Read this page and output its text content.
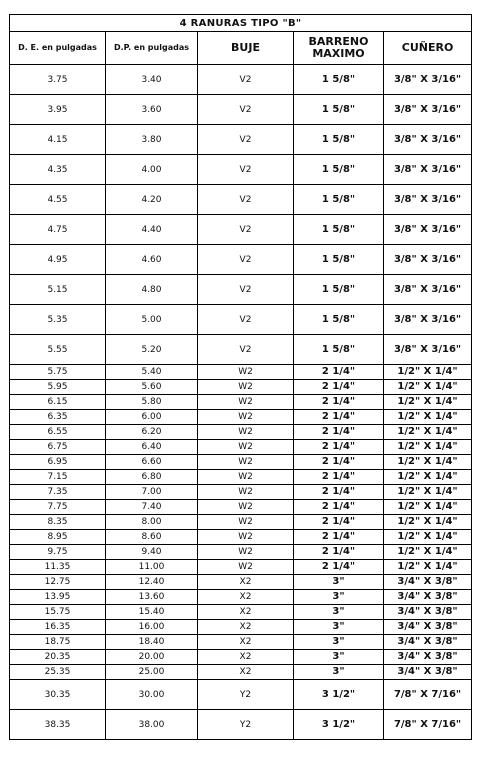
4 RANURAS TIPO "B"				
D. E. en pulgadas	D.P. en pulgadas	BUJE	BARRENO MAXIMO	CUÑERO
3.75	3.40	V2	1 5/8"	3/8" X 3/16"
3.95	3.60	V2	1 5/8"	3/8" X 3/16"
4.15	3.80	V2	1 5/8"	3/8" X 3/16"
4.35	4.00	V2	1 5/8"	3/8" X 3/16"
4.55	4.20	V2	1 5/8"	3/8" X 3/16"
4.75	4.40	V2	1 5/8"	3/8" X 3/16"
4.95	4.60	V2	1 5/8"	3/8" X 3/16"
5.15	4.80	V2	1 5/8"	3/8" X 3/16"
5.35	5.00	V2	1 5/8"	3/8" X 3/16"
5.55	5.20	V2	1 5/8"	3/8" X 3/16"
5.75	5.40	W2	2 1/4"	1/2" X 1/4"
5.95	5.60	W2	2 1/4"	1/2" X 1/4"
6.15	5.80	W2	2 1/4"	1/2" X 1/4"
6.35	6.00	W2	2 1/4"	1/2" X 1/4"
6.55	6.20	W2	2 1/4"	1/2" X 1/4"
6.75	6.40	W2	2 1/4"	1/2" X 1/4"
6.95	6.60	W2	2 1/4"	1/2" X 1/4"
7.15	6.80	W2	2 1/4"	1/2" X 1/4"
7.35	7.00	W2	2 1/4"	1/2" X 1/4"
7.75	7.40	W2	2 1/4"	1/2" X 1/4"
8.35	8.00	W2	2 1/4"	1/2" X 1/4"
8.95	8.60	W2	2 1/4"	1/2" X 1/4"
9.75	9.40	W2	2 1/4"	1/2" X 1/4"
11.35	11.00	W2	2 1/4"	1/2" X 1/4"
12.75	12.40	X2	3"	3/4" X 3/8"
13.95	13.60	X2	3"	3/4" X 3/8"
15.75	15.40	X2	3"	3/4" X 3/8"
16.35	16.00	X2	3"	3/4" X 3/8"
18.75	18.40	X2	3"	3/4" X 3/8"
20.35	20.00	X2	3"	3/4" X 3/8"
25.35	25.00	X2	3"	3/4" X 3/8"
30.35	30.00	Y2	3 1/2"	7/8" X 7/16"
38.35	38.00	Y2	3 1/2"	7/8" X 7/16"
